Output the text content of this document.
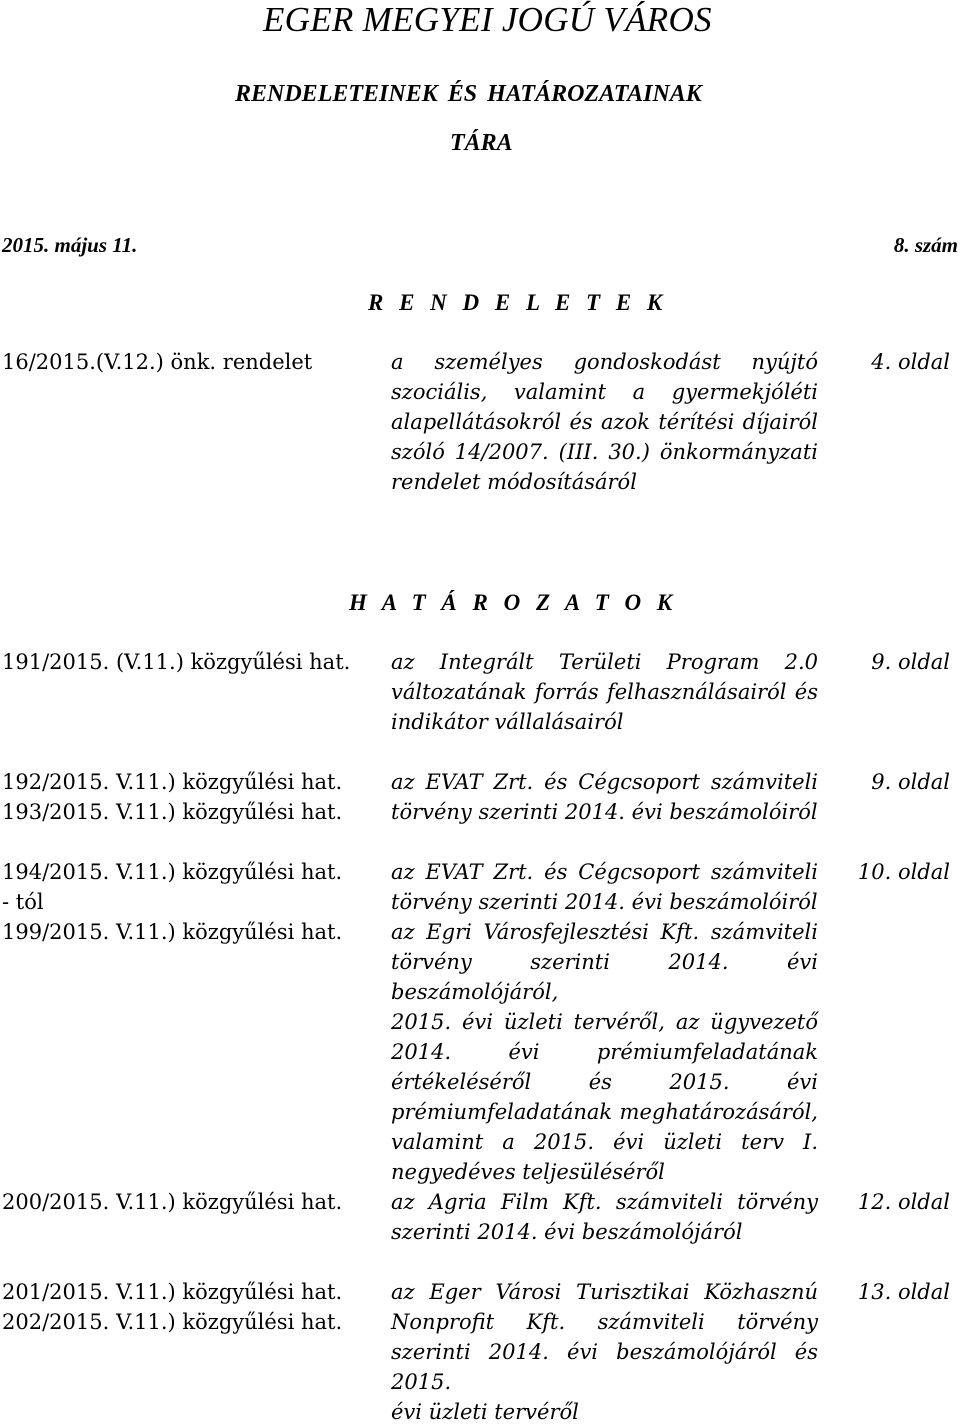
EGER MEGYEI JOGÚ VÁROS
RENDELETEINEK ÉS HATÁROZATAINAK
TÁRA
2015. május 11.	8. szám
R E N D E L E T E K
16/2015.(V.12.) önk. rendelet	a személyes gondoskodást nyújtó
szociális, valamint a gyermekjóléti
alapellátásokról és azok térítési díjairól
szóló 14/2007. (III. 30.) önkormányzati
rendelet módosításáról
4. oldal
H A T Á R O Z A T O K
191/2015. (V.11.) közgyűlési hat. az Integrált Területi Program 2.0
változatának forrás felhasználásairól és
indikátor vállalásairól
9. oldal
192/2015. V.11.) közgyűlési hat.
193/2015. V.11.) közgyűlési hat.
az EVAT Zrt. és Cégcsoport számviteli
törvény szerinti 2014. évi beszámolóiról
9. oldal
194/2015. V.11.) közgyűlési hat.
- tól
199/2015. V.11.) közgyűlési hat.
az EVAT Zrt. és Cégcsoport számviteli
törvény szerinti 2014. évi beszámolóiról
az Egri Városfejlesztési Kft. számviteli
törvény szerinti 2014. évi beszámolójáról,
2015. évi üzleti tervéről, az ügyvezető
2014. évi prémiumfeladatának
értékeléséről és 2015. évi
prémiumfeladatának meghatározásáról,
valamint a 2015. évi üzleti terv I.
negyedéves teljesüléséről
10. oldal
200/2015. V.11.) közgyűlési hat. az Agria Film Kft. számviteli törvény
szerinti 2014. évi beszámolójáról
12. oldal
201/2015. V.11.) közgyűlési hat.
202/2015. V.11.) közgyűlési hat.
az Eger Városi Turisztikai Közhasznú
Nonprofit Kft. számviteli törvény
szerinti 2014. évi beszámolójáról és 2015.
évi üzleti tervéről
13. oldal
